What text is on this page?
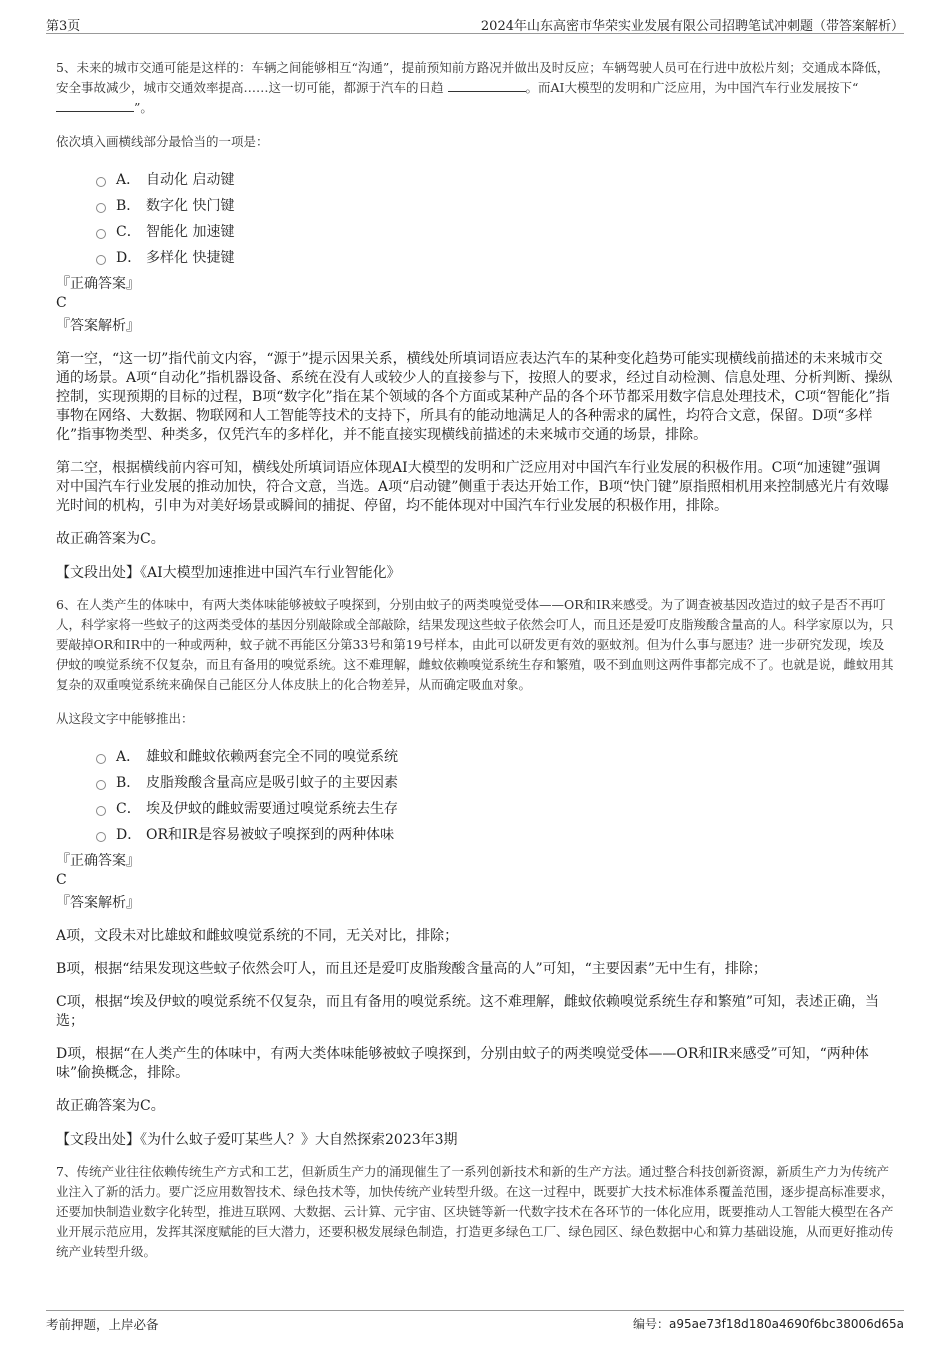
第3页	2024年山东高密市华荣实业发展有限公司招聘笔试冲刺题（带答案解析）
5、未来的城市交通可能是这样的：车辆之间能够相互“沟通”，提前预知前方路况并做出及时反应；车辆驾驶人员可在行进中放松片刻；交通成本降低，安全事故减少，城市交通效率提高……这一切可能，都源于汽车的日趋	。而AI大模型的发明和广泛应用，为中国汽车行业发展按下“”。
依次填入画横线部分最恰当的一项是：
A． 自动化 启动键
B． 数字化 快门键
C． 智能化 加速键
D． 多样化 快捷键
『正确答案』
C
『答案解析』
第一空，“这一切”指代前文内容，“源于”提示因果关系，横线处所填词语应表达汽车的某种变化趋势可能实现横线前描述的未来城市交通的场景。A项“自动化”指机器设备、系统在没有人或较少人的直接参与下，按照人的要求，经过自动检测、信息处理、分析判断、操纵控制，实现预期的目标的过程，B项“数字化”指在某个领域的各个方面或某种产品的各个环节都采用数字信息处理技术，C项“智能化”指事物在网络、大数据、物联网和人工智能等技术的支持下，所具有的能动地满足人的各种需求的属性，均符合文意，保留。D项“多样化”指事物类型、种类多，仅凭汽车的多样化，并不能直接实现横线前描述的未来城市交通的场景，排除。
第二空，根据横线前内容可知，横线处所填词语应体现AI大模型的发明和广泛应用对中国汽车行业发展的积极作用。C项“加速键”强调对中国汽车行业发展的推动加快，符合文意，当选。A项“启动键”侧重于表达开始工作，B项“快门键”原指照相机用来控制感光片有效曝光时间的机构，引申为对美好场景或瞬间的捕捉、停留，均不能体现对中国汽车行业发展的积极作用，排除。
故正确答案为C。
【文段出处】《AI大模型加速推进中国汽车行业智能化》
6、在人类产生的体味中，有两大类体味能够被蚊子嗅探到，分别由蚊子的两类嗅觉受体——OR和IR来感受。为了调查被基因改造过的蚊子是否不再叮人，科学家将一些蚊子的这两类受体的基因分别敲除或全部敲除，结果发现这些蚊子依然会叮人，而且还是爱叮皮脂羧酸含量高的人。科学家原以为，只要敲掉OR和IR中的一种或两种，蚊子就不再能区分第33号和第19号样本，由此可以研发更有效的驱蚊剂。但为什么事与愿违？进一步研究发现，埃及伊蚊的嗅觉系统不仅复杂，而且有备用的嗅觉系统。这不难理解，雌蚊依赖嗅觉系统生存和繁殖，吸不到血则这两件事都完成不了。也就是说，雌蚊用其复杂的双重嗅觉系统来确保自己能区分人体皮肤上的化合物差异，从而确定吸血对象。
从这段文字中能够推出：
A． 雄蚊和雌蚊依赖两套完全不同的嗅觉系统
B． 皮脂羧酸含量高应是吸引蚊子的主要因素
C． 埃及伊蚊的雌蚊需要通过嗅觉系统去生存
D． OR和IR是容易被蚊子嗅探到的两种体味
『正确答案』
C
『答案解析』
A项，文段未对比雄蚊和雌蚊嗅觉系统的不同，无关对比，排除；
B项，根据“结果发现这些蚊子依然会叮人，而且还是爱叮皮脂羧酸含量高的人”可知，“主要因素”无中生有，排除；
C项，根据“埃及伊蚊的嗅觉系统不仅复杂，而且有备用的嗅觉系统。这不难理解，雌蚊依赖嗅觉系统生存和繁殖”可知，表述正确，当选；
D项，根据“在人类产生的体味中，有两大类体味能够被蚊子嗅探到，分别由蚊子的两类嗅觉受体——OR和IR来感受”可知，“两种体味”偷换概念，排除。
故正确答案为C。
【文段出处】《为什么蚊子爱叮某些人？》大自然探索2023年3期
7、传统产业往往依赖传统生产方式和工艺，但新质生产力的涌现催生了一系列创新技术和新的生产方法。通过整合科技创新资源，新质生产力为传统产业注入了新的活力。要广泛应用数智技术、绿色技术等，加快传统产业转型升级。在这一过程中，既要扩大技术标准体系覆盖范围，逐步提高标准要求，还要加快制造业数字化转型，推进互联网、大数据、云计算、元宇宙、区块链等新一代数字技术在各环节的一体化应用，既要推动人工智能大模型在各产业开展示范应用，发挥其深度赋能的巨大潜力，还要积极发展绿色制造，打造更多绿色工厂、绿色园区、绿色数据中心和算力基础设施，从而更好推动传统产业转型升级。
考前押题，上岸必备	编号：a95ae73f18d180a4690f6bc38006d65a
